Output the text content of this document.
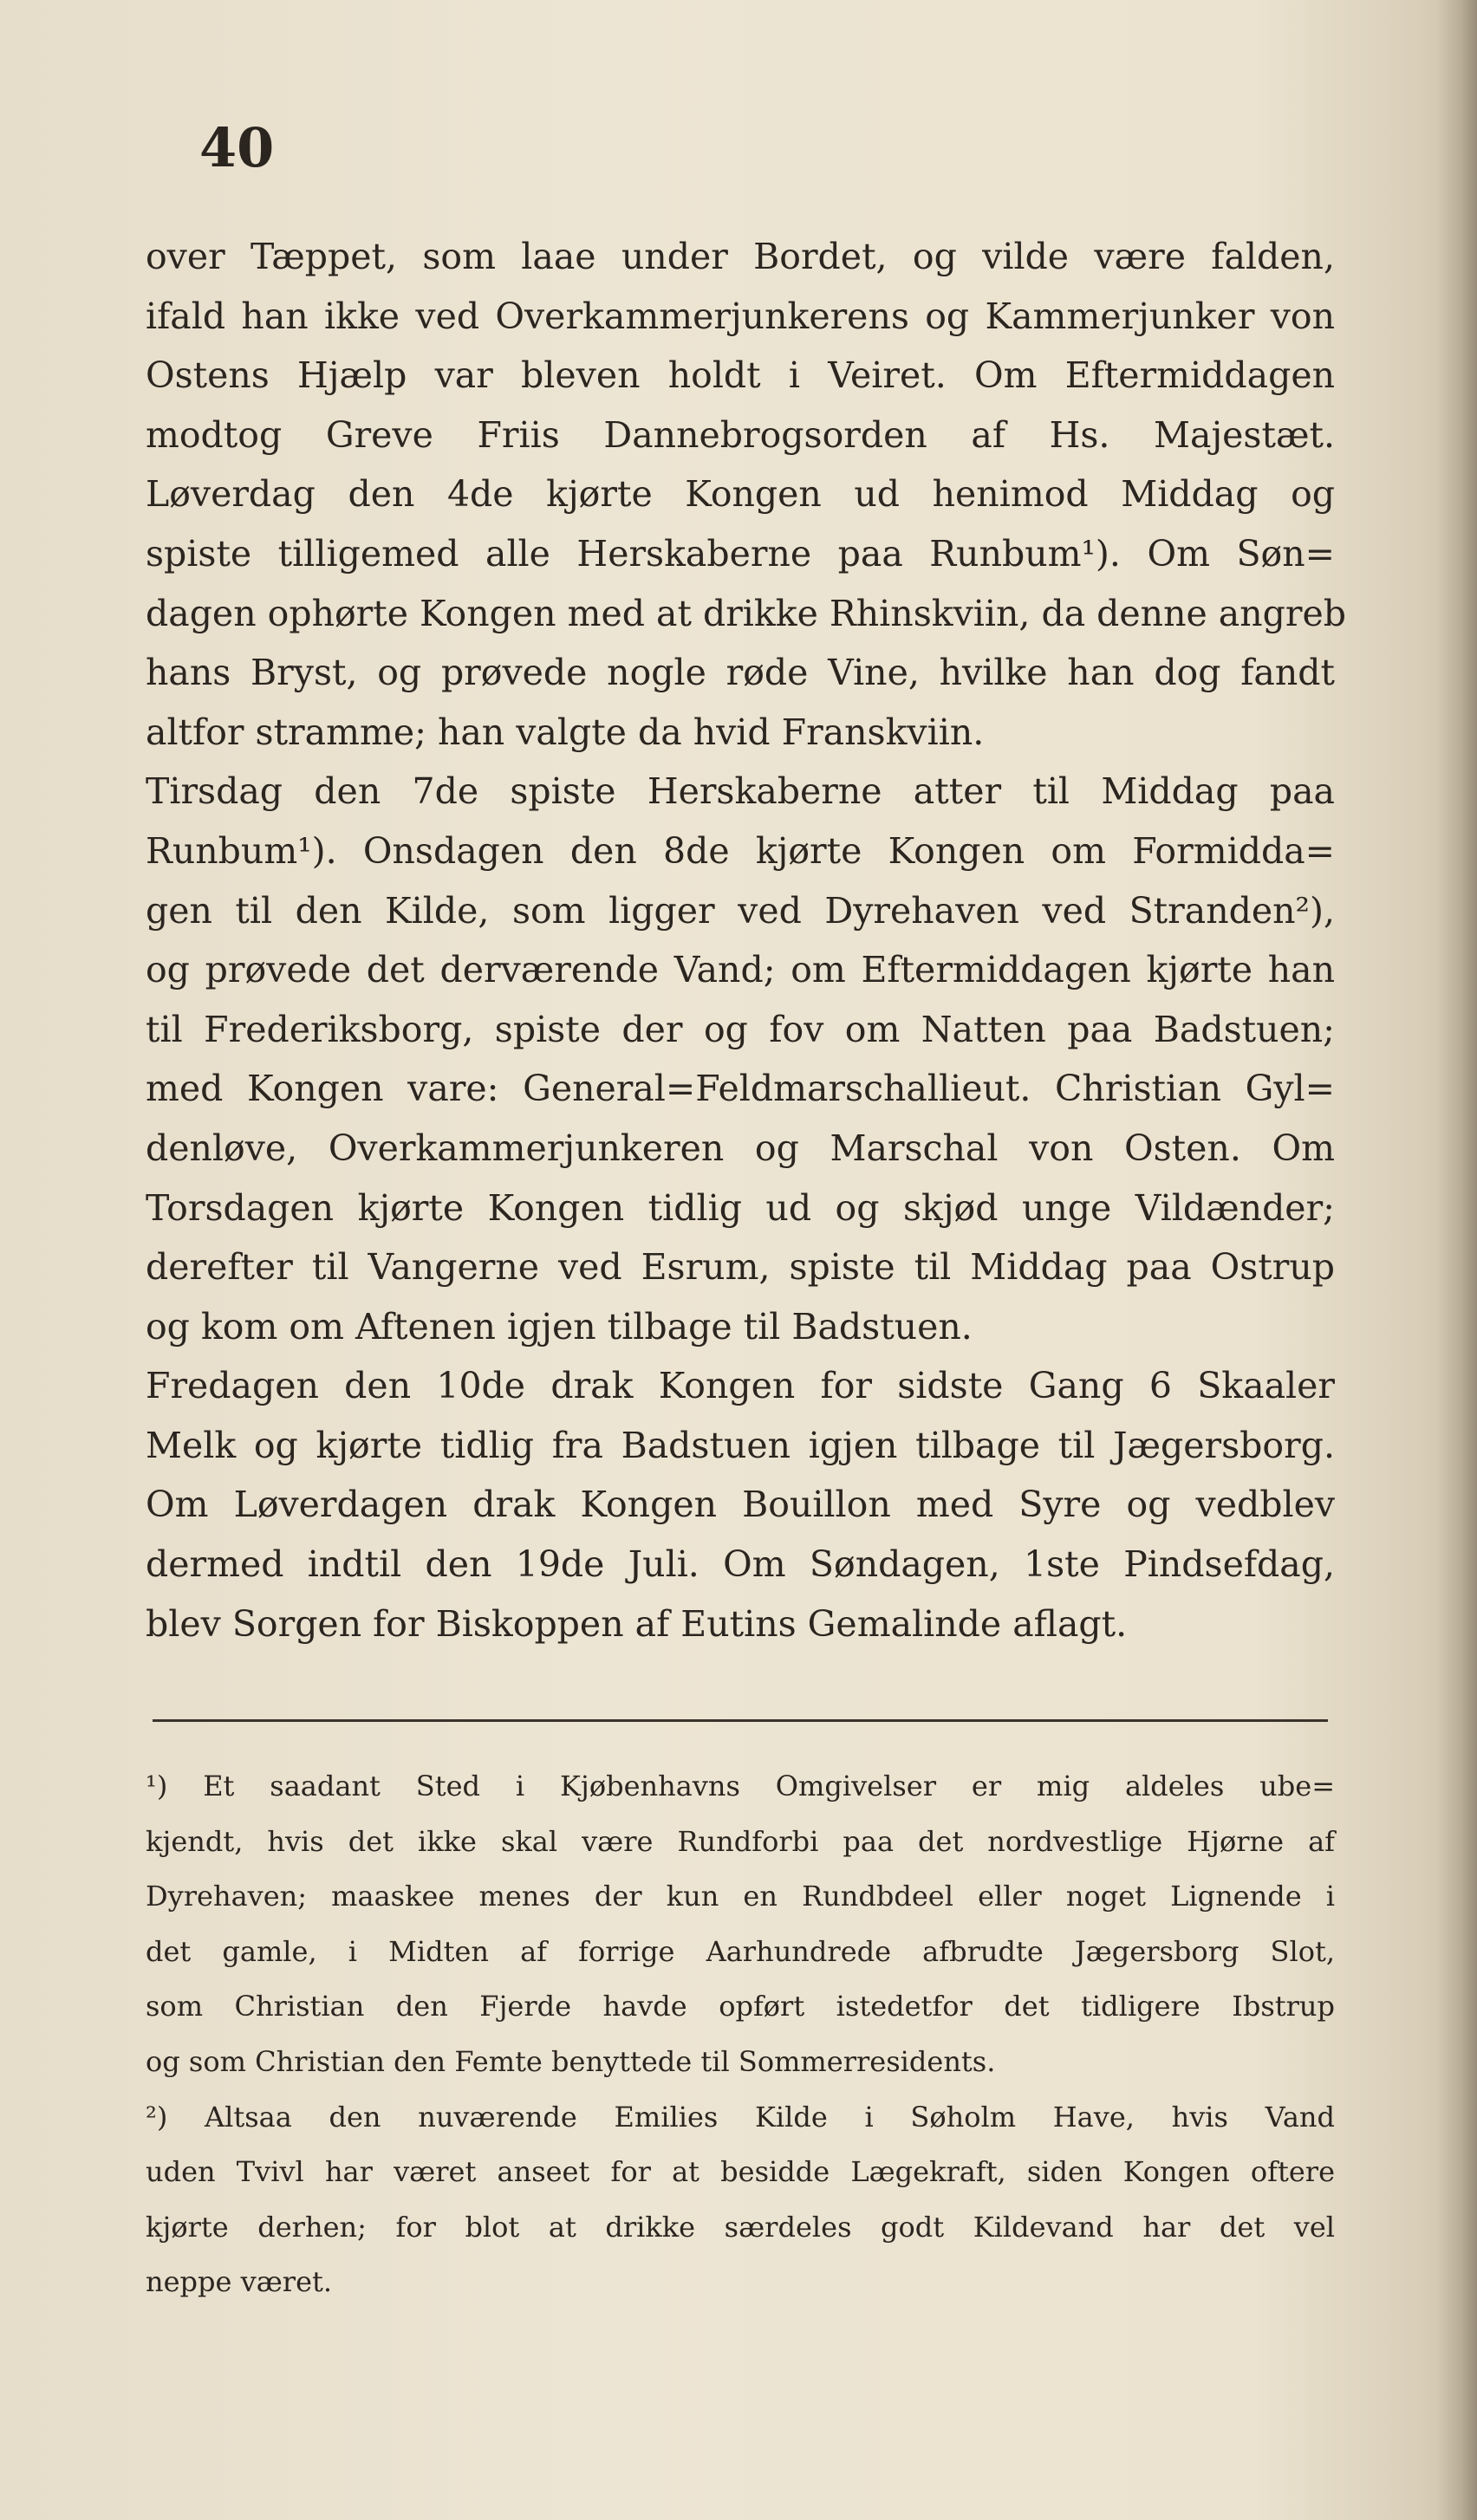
40
over Tæppet, som laae under Bordet, og vilde være falden,
ifald han ikke ved Overkammerjunkerens og Kammerjunker von
Ostens Hjælp var bleven holdt i Veiret. Om Eftermiddagen
modtog Greve Friis Dannebrogsorden af Hs. Majestæt.
Løverdag den 4de kjørte Kongen ud henimod Middag og
spiste tilligemed alle Herskaberne paa Runbum¹). Om Søn=
dagen ophørte Kongen med at drikke Rhinskviin, da denne angreb
hans Bryst, og prøvede nogle røde Vine, hvilke han dog fandt
altfor stramme; han valgte da hvid Franskviin.
Tirsdag den 7de spiste Herskaberne atter til Middag paa
Runbum¹). Onsdagen den 8de kjørte Kongen om Formidda=
gen til den Kilde, som ligger ved Dyrehaven ved Stranden²),
og prøvede det derværende Vand; om Eftermiddagen kjørte han
til Frederiksborg, spiste der og fov om Natten paa Badstuen;
med Kongen vare: General=Feldmarschallieut. Christian Gyl=
denløve, Overkammerjunkeren og Marschal von Osten. Om
Torsdagen kjørte Kongen tidlig ud og skjød unge Vildænder;
derefter til Vangerne ved Esrum, spiste til Middag paa Ostrup
og kom om Aftenen igjen tilbage til Badstuen.
Fredagen den 10de drak Kongen for sidste Gang 6 Skaaler
Melk og kjørte tidlig fra Badstuen igjen tilbage til Jægersborg.
Om Løverdagen drak Kongen Bouillon med Syre og vedblev
dermed indtil den 19de Juli. Om Søndagen, 1ste Pindsefdag,
blev Sorgen for Biskoppen af Eutins Gemalinde aflagt.
¹) Et saadant Sted i Kjøbenhavns Omgivelser er mig aldeles ube=
kjendt, hvis det ikke skal være Rundforbi paa det nordvestlige Hjørne af
Dyrehaven; maaskee menes der kun en Rundbdeel eller noget Lignende i
det gamle, i Midten af forrige Aarhundrede afbrudte Jægersborg Slot,
som Christian den Fjerde havde opført istedetfor det tidligere Ibstrup
og som Christian den Femte benyttede til Sommerresidents.
²) Altsaa den nuværende Emilies Kilde i Søholm Have, hvis Vand
uden Tvivl har været anseet for at besidde Lægekraft, siden Kongen oftere
kjørte derhen; for blot at drikke særdeles godt Kildevand har det vel
neppe været.
